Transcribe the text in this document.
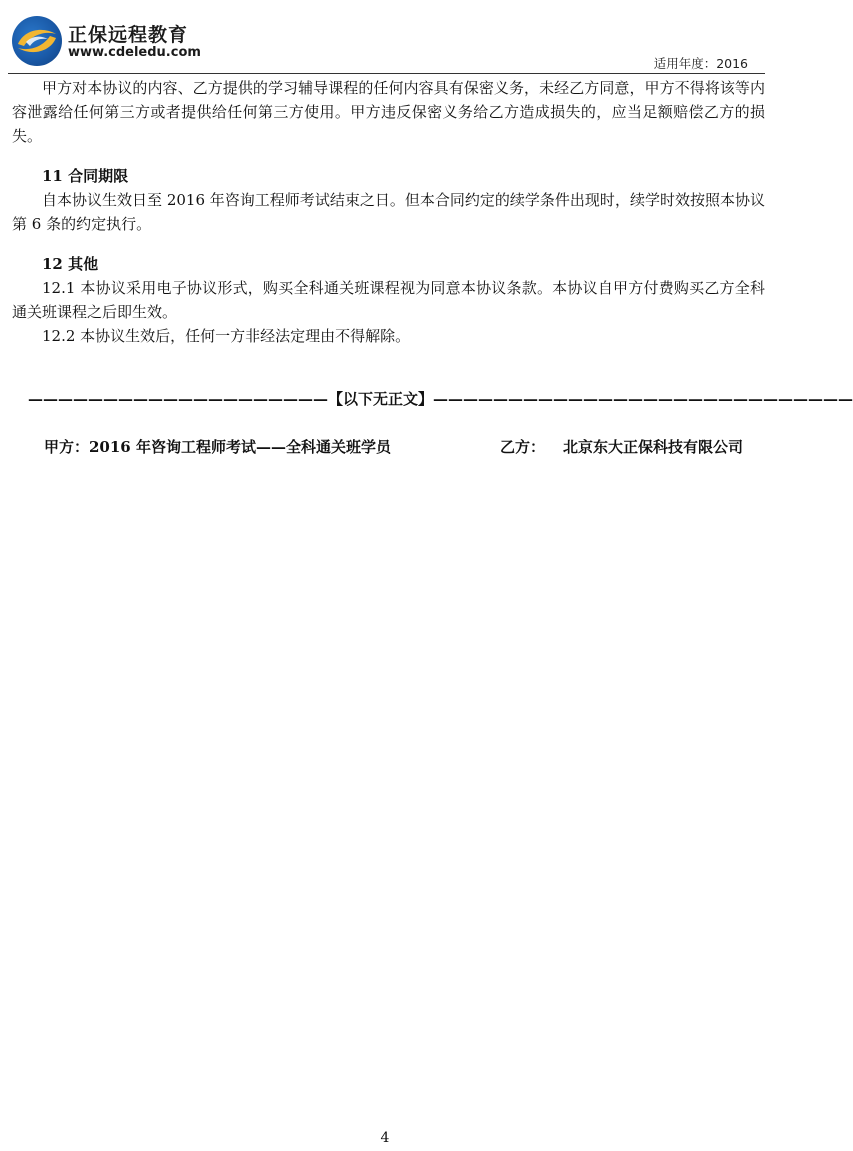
正保远程教育
www.cdeledu.com
适用年度：2016

甲方对本协议的内容、乙方提供的学习辅导课程的任何内容具有保密义务，未经乙方同意，甲方不得将该等内容泄露给任何第三方或者提供给任何第三方使用。甲方违反保密义务给乙方造成损失的，应当足额赔偿乙方的损失。

11 合同期限

自本协议生效日至 2016 年咨询工程师考试结束之日。但本合同约定的续学条件出现时，续学时效按照本协议第 6 条的约定执行。

12 其他

12.1 本协议采用电子协议形式，购买全科通关班课程视为同意本协议条款。本协议自甲方付费购买乙方全科通关班课程之后即生效。

12.2 本协议生效后，任何一方非经法定理由不得解除。

————————————————————【以下无正文】————————————————————————————
甲方：2016 年咨询工程师考试——全科通关班学员	乙方： 北京东大正保科技有限公司
4
